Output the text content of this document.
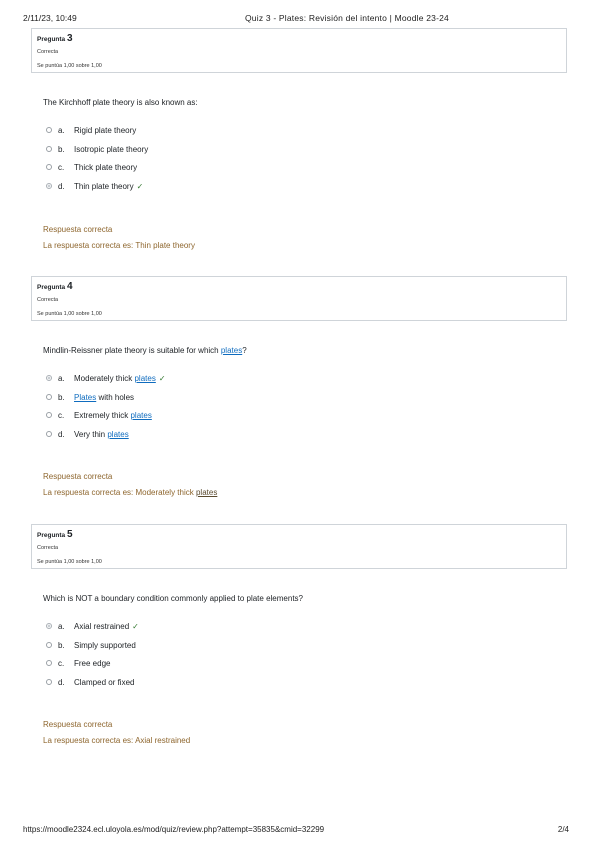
2/11/23, 10:49	Quiz 3 - Plates: Revisión del intento | Moodle 23-24
Pregunta 3
Correcta
Se puntúa 1,00 sobre 1,00
The Kirchhoff plate theory is also known as:
a.	Rigid plate theory
b.	Isotropic plate theory
c.	Thick plate theory
d.	Thin plate theory ✓
Respuesta correcta
La respuesta correcta es: Thin plate theory
Pregunta 4
Correcta
Se puntúa 1,00 sobre 1,00
Mindlin-Reissner plate theory is suitable for which plates?
a.	Moderately thick plates ✓
b.	Plates with holes
c.	Extremely thick plates
d.	Very thin plates
Respuesta correcta
La respuesta correcta es: Moderately thick plates
Pregunta 5
Correcta
Se puntúa 1,00 sobre 1,00
Which is NOT a boundary condition commonly applied to plate elements?
a.	Axial restrained ✓
b.	Simply supported
c.	Free edge
d.	Clamped or fixed
Respuesta correcta
La respuesta correcta es: Axial restrained
https://moodle2324.ecl.uloyola.es/mod/quiz/review.php?attempt=35835&cmid=32299	2/4
